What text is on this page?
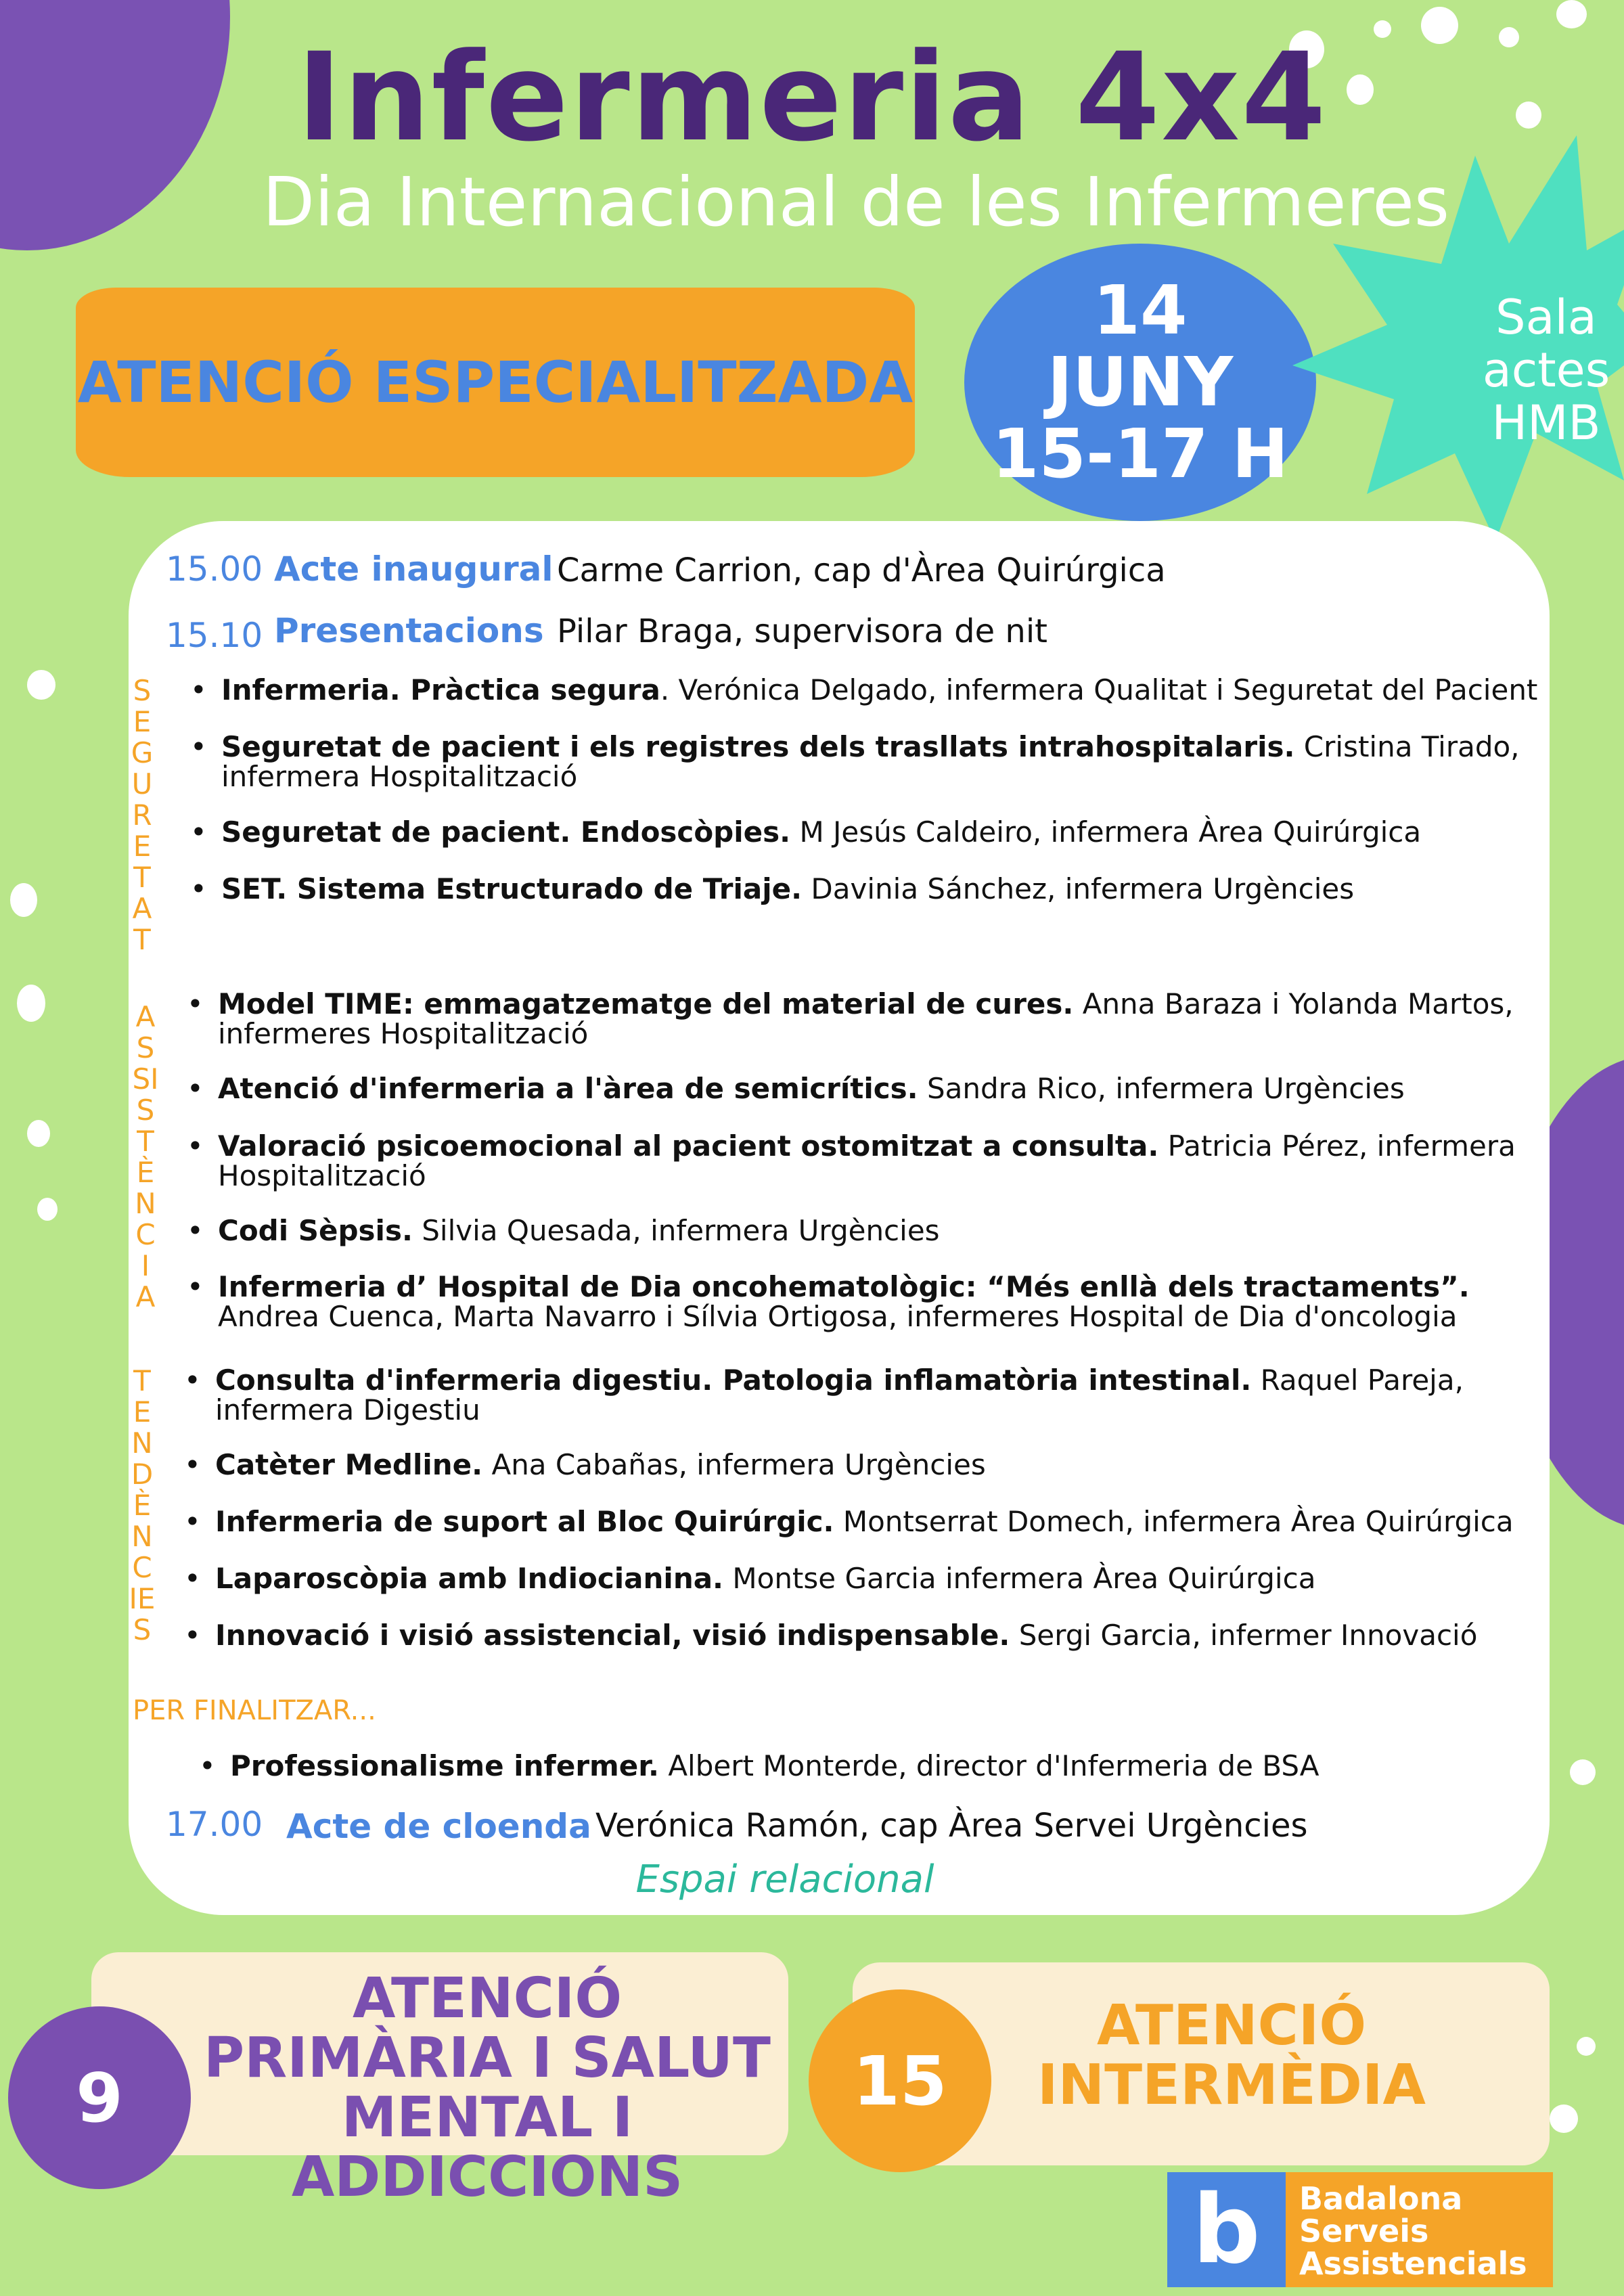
Infermeria 4x4
Dia Internacional de les Infermeres
ATENCIÓ ESPECIALITZADA
14
JUNY
15-17 H
Sala
actes
HMB
15.00 Acte inaugural Carme Carrion, cap d'Àrea Quirúrgica
15.10 Presentacions Pilar Braga, supervisora de nit
SEGURETAT
ASSISTÈNCIA
TENDÈNCIES
• Infermeria. Pràctica segura. Verónica Delgado, infermera Qualitat i Seguretat del Pacient
• Seguretat de pacient i els registres dels trasllats intrahospitalaris. Cristina Tirado, infermera Hospitalització
• Seguretat de pacient. Endoscòpies. M Jesús Caldeiro, infermera Àrea Quirúrgica
• SET. Sistema Estructurado de Triaje. Davinia Sánchez, infermera Urgències
• Model TIME: emmagatzematge del material de cures. Anna Baraza i Yolanda Martos, infermeres Hospitalització
• Atenció d'infermeria a l'àrea de semicrítics. Sandra Rico, infermera Urgències
• Valoració psicoemocional al pacient ostomitzat a consulta. Patricia Pérez, infermera Hospitalització
• Codi Sèpsis. Silvia Quesada, infermera Urgències
• Infermeria d’ Hospital de Dia oncohematològic: “Més enllà dels tractaments”. Andrea Cuenca, Marta Navarro i Sílvia Ortigosa, infermeres Hospital de Dia d'oncologia
• Consulta d'infermeria digestiu. Patologia inflamatòria intestinal. Raquel Pareja, infermera Digestiu
• Catèter Medline. Ana Cabañas, infermera Urgències
• Infermeria de suport al Bloc Quirúrgic. Montserrat Domech, infermera Àrea Quirúrgica
• Laparoscòpia amb Indiocianina. Montse Garcia infermera Àrea Quirúrgica
• Innovació i visió assistencial, visió indispensable. Sergi Garcia, infermer Innovació
PER FINALITZAR...
• Professionalisme infermer. Albert Monterde, director d'Infermeria de BSA
17.00 Acte de cloenda Verónica Ramón, cap Àrea Servei Urgències
Espai relacional
9
ATENCIÓ PRIMÀRIA I SALUT MENTAL I ADDICCIONS
15
ATENCIÓ INTERMÈDIA
b	Badalona
Serveis
Assistencials
